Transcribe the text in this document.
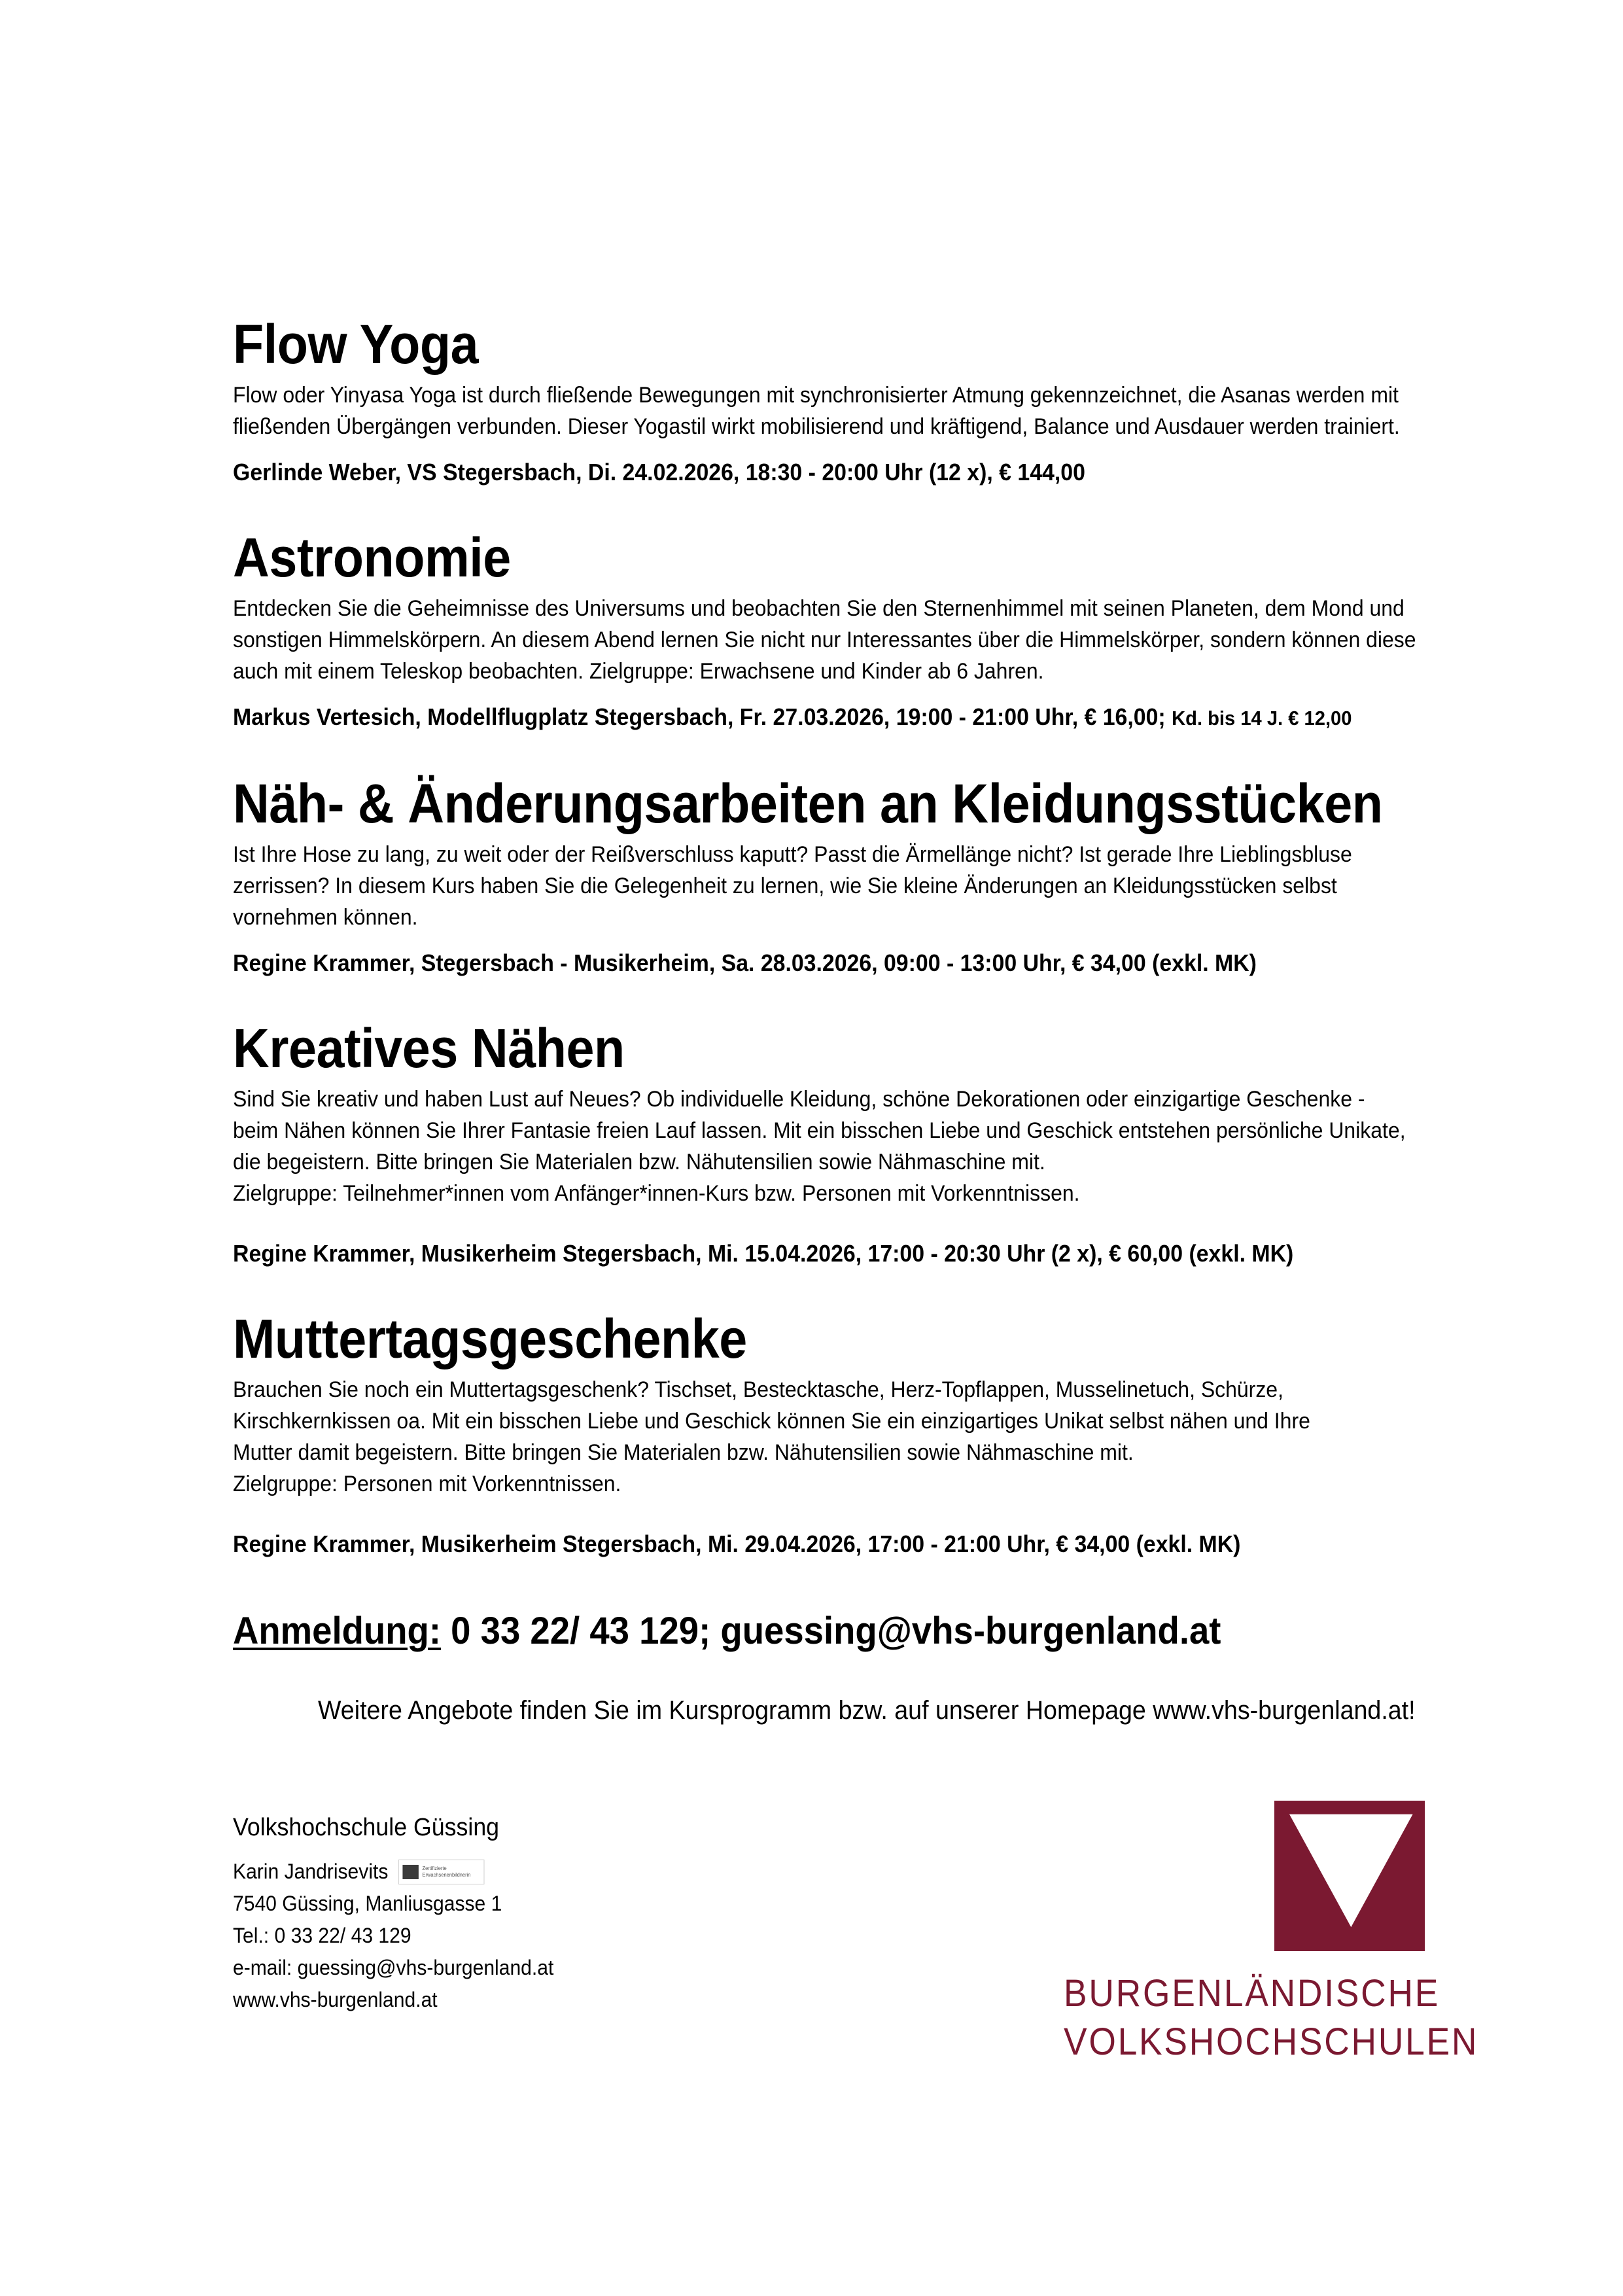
Flow Yoga

Flow oder Yinyasa Yoga ist durch fließende Bewegungen mit synchronisierter Atmung gekennzeichnet, die Asanas werden mit

fließenden Übergängen verbunden. Dieser Yogastil wirkt mobilisierend und kräftigend, Balance und Ausdauer werden trainiert.

Gerlinde Weber, VS Stegersbach, Di. 24.02.2026, 18:30 - 20:00 Uhr (12 x), € 144,00

Astronomie

Entdecken Sie die Geheimnisse des Universums und beobachten Sie den Sternenhimmel mit seinen Planeten, dem Mond und

sonstigen Himmelskörpern. An diesem Abend lernen Sie nicht nur Interessantes über die Himmelskörper, sondern können diese

auch mit einem Teleskop beobachten. Zielgruppe: Erwachsene und Kinder ab 6 Jahren.

Markus Vertesich, Modellflugplatz Stegersbach, Fr. 27.03.2026, 19:00 - 21:00 Uhr, € 16,00; Kd. bis 14 J. € 12,00

Näh- & Änderungsarbeiten an Kleidungsstücken

Ist Ihre Hose zu lang, zu weit oder der Reißverschluss kaputt? Passt die Ärmellänge nicht? Ist gerade Ihre Lieblingsbluse

zerrissen? In diesem Kurs haben Sie die Gelegenheit zu lernen, wie Sie kleine Änderungen an Kleidungsstücken selbst

vornehmen können.

Regine Krammer, Stegersbach - Musikerheim, Sa. 28.03.2026, 09:00 - 13:00 Uhr, € 34,00 (exkl. MK)

Kreatives Nähen

Sind Sie kreativ und haben Lust auf Neues? Ob individuelle Kleidung, schöne Dekorationen oder einzigartige Geschenke -

beim Nähen können Sie Ihrer Fantasie freien Lauf lassen. Mit ein bisschen Liebe und Geschick entstehen persönliche Unikate,

die begeistern. Bitte bringen Sie Materialen bzw. Nähutensilien sowie Nähmaschine mit.

Zielgruppe: Teilnehmer*innen vom Anfänger*innen-Kurs bzw. Personen mit Vorkenntnissen.

Regine Krammer, Musikerheim Stegersbach, Mi. 15.04.2026, 17:00 - 20:30 Uhr (2 x), € 60,00 (exkl. MK)

Muttertagsgeschenke

Brauchen Sie noch ein Muttertagsgeschenk? Tischset, Bestecktasche, Herz-Topflappen, Musselinetuch, Schürze,

Kirschkernkissen oa. Mit ein bisschen Liebe und Geschick können Sie ein einzigartiges Unikat selbst nähen und Ihre

Mutter damit begeistern. Bitte bringen Sie Materialen bzw. Nähutensilien sowie Nähmaschine mit.

Zielgruppe: Personen mit Vorkenntnissen.

Regine Krammer, Musikerheim Stegersbach, Mi. 29.04.2026, 17:00 - 21:00 Uhr, € 34,00 (exkl. MK)

Anmeldung: 0 33 22/ 43 129; guessing@vhs-burgenland.at
Weitere Angebote finden Sie im Kursprogramm bzw. auf unserer Homepage www.vhs-burgenland.at!
Volkshochschule Güssing
Karin Jandrisevits	Zertifizierte Erwachsenenbildnerin
7540 Güssing, Manliusgasse 1
Tel.: 0 33 22/ 43 129
e-mail: guessing@vhs-burgenland.at
www.vhs-burgenland.at	BURGENLÄNDISCHE
VOLKSHOCHSCHULEN
